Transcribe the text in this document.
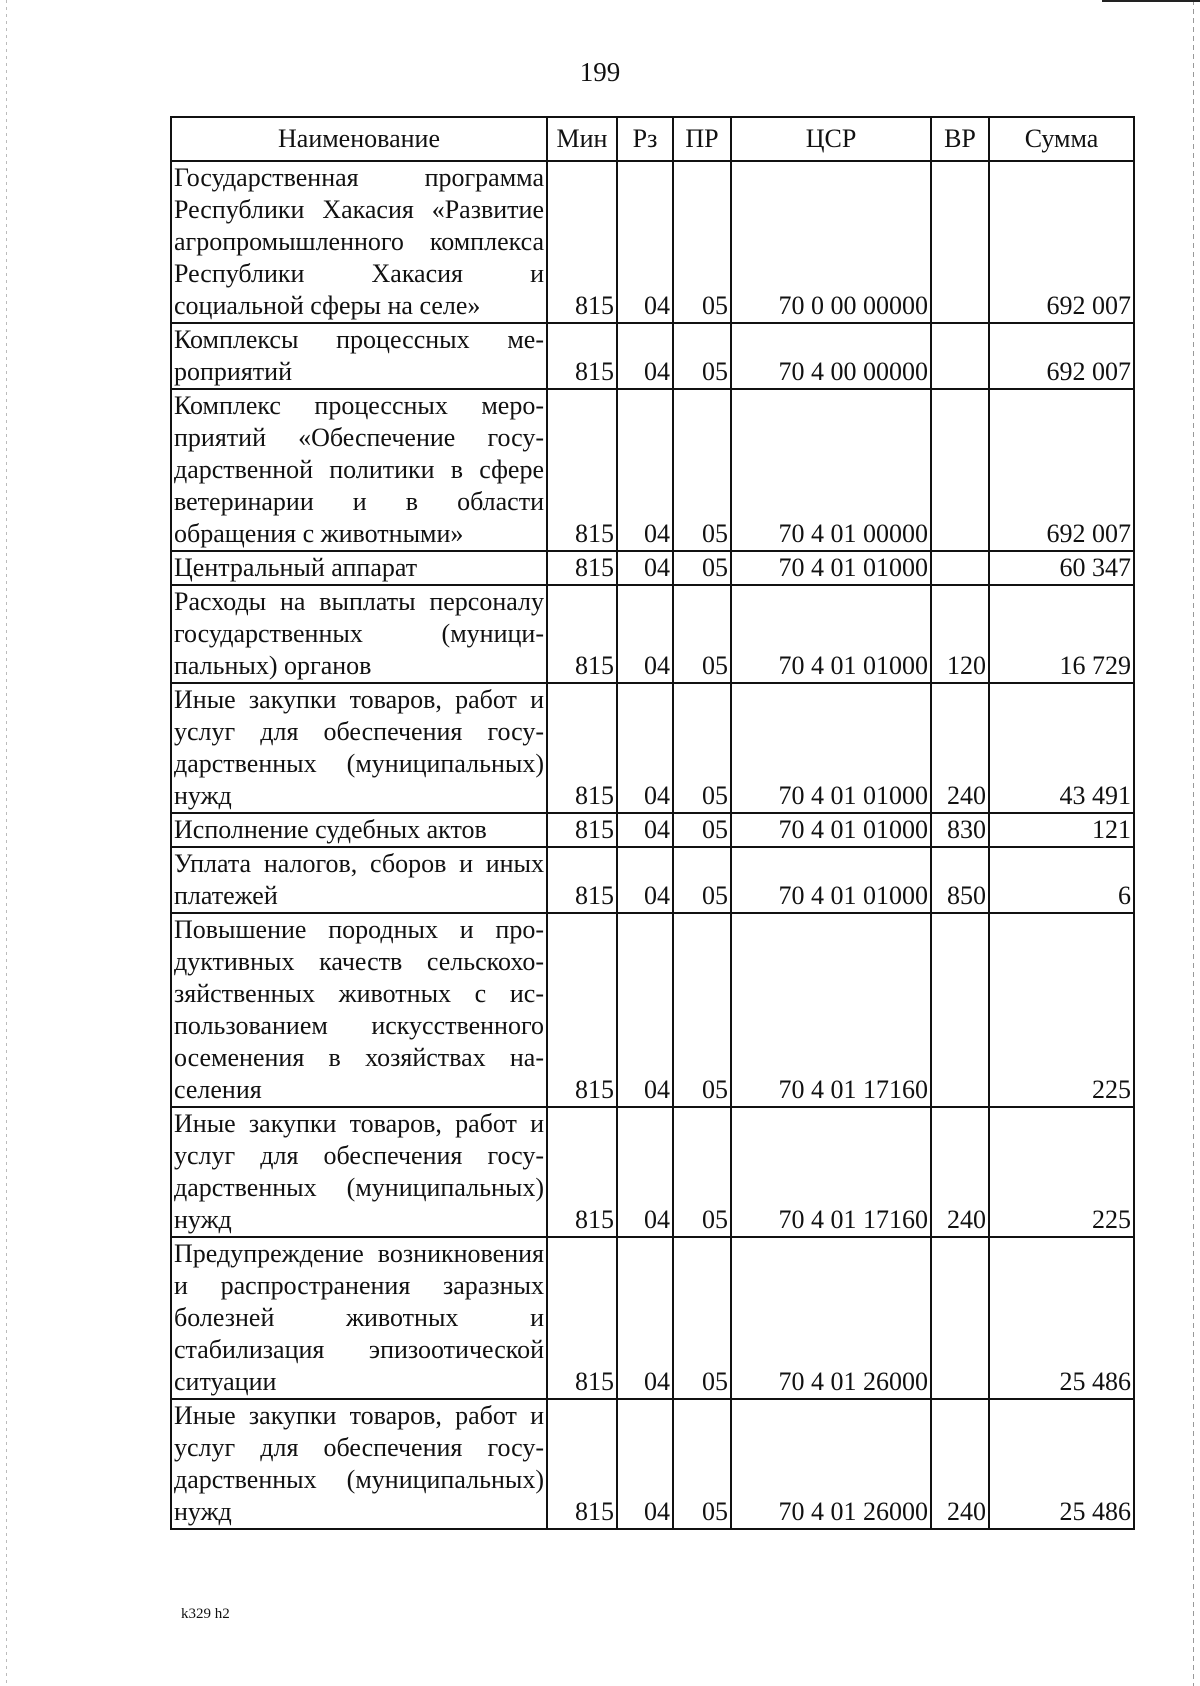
199
Наименование	Мин	Рз	ПР	ЦСР	ВР	Сумма
Государственная программа Республики Хакасия «Развитие агропромышленного комплекса Республики Хакасия и социальной сферы на селе»	815	04	05	70 0 00 00000		692 007
Комплексы процессных мероприятий	815	04	05	70 4 00 00000		692 007
Комплекс процессных мероприятий «Обеспечение государственной политики в сфере ветеринарии и в области обращения с животными»	815	04	05	70 4 01 00000		692 007
Центральный аппарат	815	04	05	70 4 01 01000		60 347
Расходы на выплаты персоналу государственных (муниципальных) органов	815	04	05	70 4 01 01000	120	16 729
Иные закупки товаров, работ и услуг для обеспечения государственных (муниципальных) нужд	815	04	05	70 4 01 01000	240	43 491
Исполнение судебных актов	815	04	05	70 4 01 01000	830	121
Уплата налогов, сборов и иных платежей	815	04	05	70 4 01 01000	850	6
Повышение породных и продуктивных качеств сельскохозяйственных животных с использованием искусственного осеменения в хозяйствах населения	815	04	05	70 4 01 17160		225
Иные закупки товаров, работ и услуг для обеспечения государственных (муниципальных) нужд	815	04	05	70 4 01 17160	240	225
Предупреждение возникновения и распространения заразных болезней животных и стабилизация эпизоотической ситуации	815	04	05	70 4 01 26000		25 486
Иные закупки товаров, работ и услуг для обеспечения государственных (муниципальных) нужд	815	04	05	70 4 01 26000	240	25 486
k329 h2
